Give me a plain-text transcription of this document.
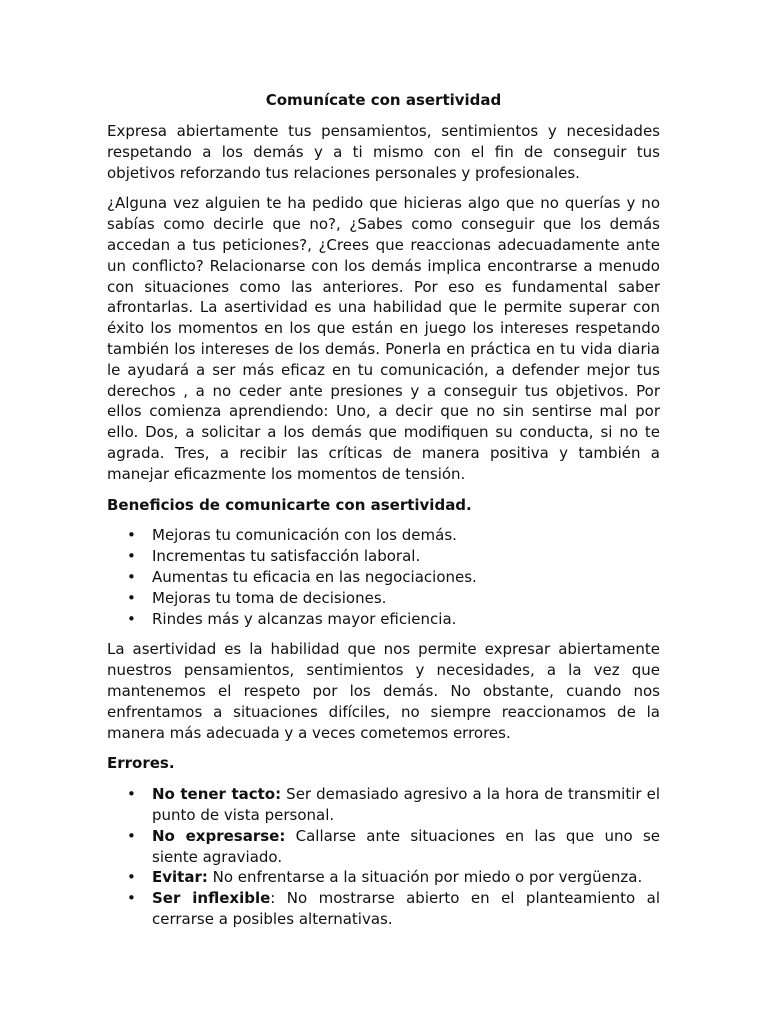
Comunícate con asertividad

Expresa abiertamente tus pensamientos, sentimientos y necesidades respetando a los demás y a ti mismo con el fin de conseguir tus objetivos reforzando tus relaciones personales y profesionales.

¿Alguna vez alguien te ha pedido que hicieras algo que no querías y no sabías como decirle que no?, ¿Sabes como conseguir que los demás accedan a tus peticiones?, ¿Crees que reaccionas adecuadamente ante un conflicto? Relacionarse con los demás implica encontrarse a menudo con situaciones como las anteriores. Por eso es fundamental saber afrontarlas. La asertividad es una habilidad que le permite superar con éxito los momentos en los que están en juego los intereses respetando también los intereses de los demás. Ponerla en práctica en tu vida diaria le ayudará a ser más eficaz en tu comunicación, a defender mejor tus derechos , a no ceder ante presiones y a conseguir tus objetivos. Por ellos comienza aprendiendo: Uno, a decir que no sin sentirse mal por ello. Dos, a solicitar a los demás que modifiquen su conducta, si no te agrada. Tres, a recibir las críticas de manera positiva y también a manejar eficazmente los momentos de tensión.

Beneficios de comunicarte con asertividad.
• Mejoras tu comunicación con los demás.
• Incrementas tu satisfacción laboral.
• Aumentas tu eficacia en las negociaciones.
• Mejoras tu toma de decisiones.
• Rindes más y alcanzas mayor eficiencia.

La asertividad es la habilidad que nos permite expresar abiertamente nuestros pensamientos, sentimientos y necesidades, a la vez que mantenemos el respeto por los demás. No obstante, cuando nos enfrentamos a situaciones difíciles, no siempre reaccionamos de la manera más adecuada y a veces cometemos errores.

Errores.
• No tener tacto: Ser demasiado agresivo a la hora de transmitir el punto de vista personal.
• No expresarse: Callarse ante situaciones en las que uno se siente agraviado.
• Evitar: No enfrentarse a la situación por miedo o por vergüenza.
• Ser inflexible: No mostrarse abierto en el planteamiento al cerrarse a posibles alternativas.
